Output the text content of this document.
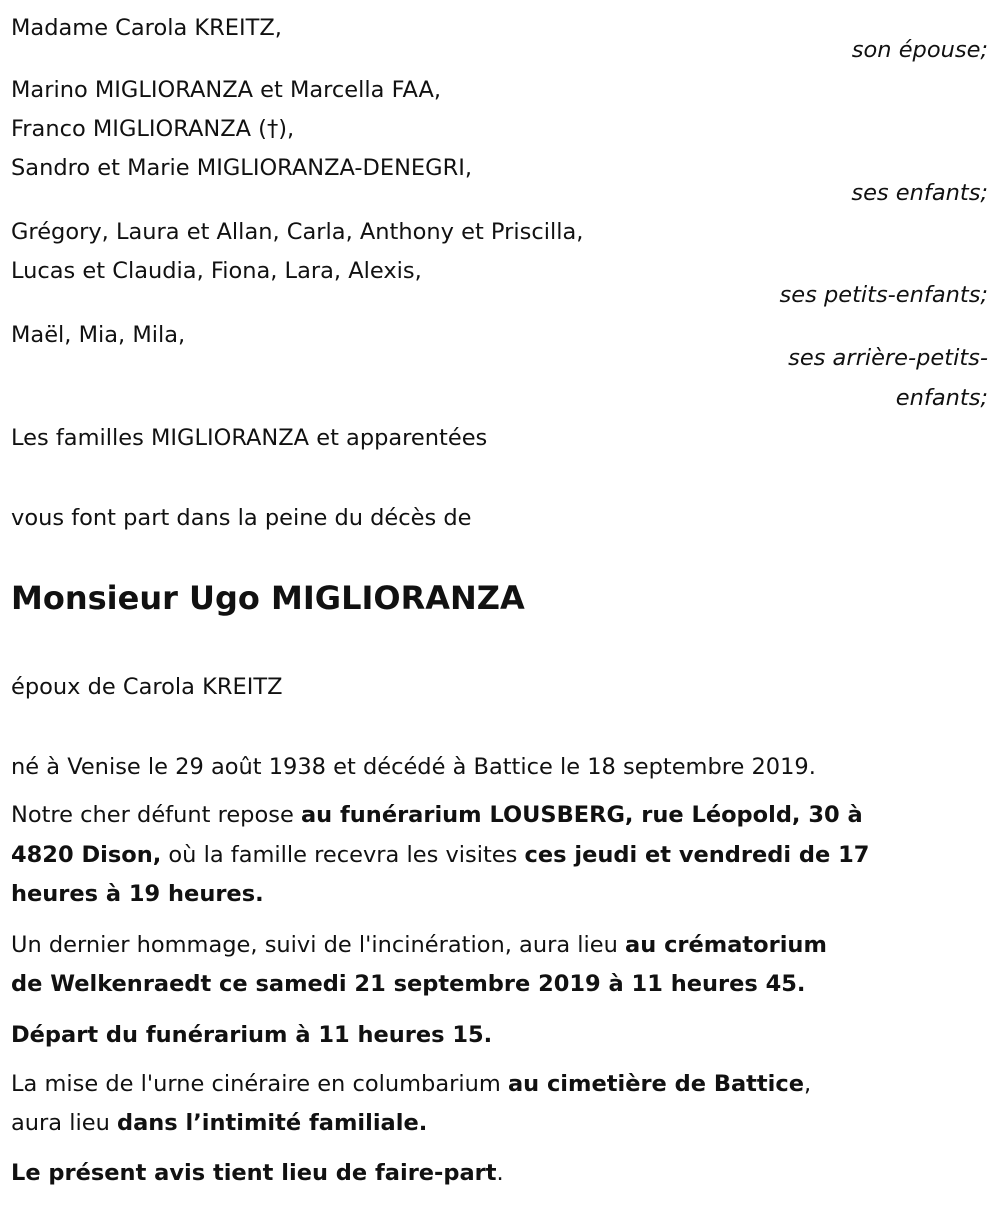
Madame Carola KREITZ,
son épouse;
Marino MIGLIORANZA et Marcella FAA,
Franco MIGLIORANZA (†),
Sandro et Marie MIGLIORANZA-DENEGRI,
ses enfants;
Grégory, Laura et Allan, Carla, Anthony et Priscilla,
Lucas et Claudia, Fiona, Lara, Alexis,
ses petits-enfants;
Maël, Mia, Mila,
ses arrière-petits-
enfants;
Les familles MIGLIORANZA et apparentées
vous font part dans la peine du décès de
Monsieur Ugo MIGLIORANZA
époux de Carola KREITZ
né à Venise le 29 août 1938 et décédé à Battice le 18 septembre 2019.
Notre cher défunt repose au funérarium LOUSBERG, rue Léopold, 30 à
4820 Dison, où la famille recevra les visites ces jeudi et vendredi de 17
heures à 19 heures.
Un dernier hommage, suivi de l'incinération, aura lieu au crématorium
de Welkenraedt ce samedi 21 septembre 2019 à 11 heures 45.
Départ du funérarium à 11 heures 15.
La mise de l'urne cinéraire en columbarium au cimetière de Battice,
aura lieu dans l’intimité familiale.
Le présent avis tient lieu de faire-part.
